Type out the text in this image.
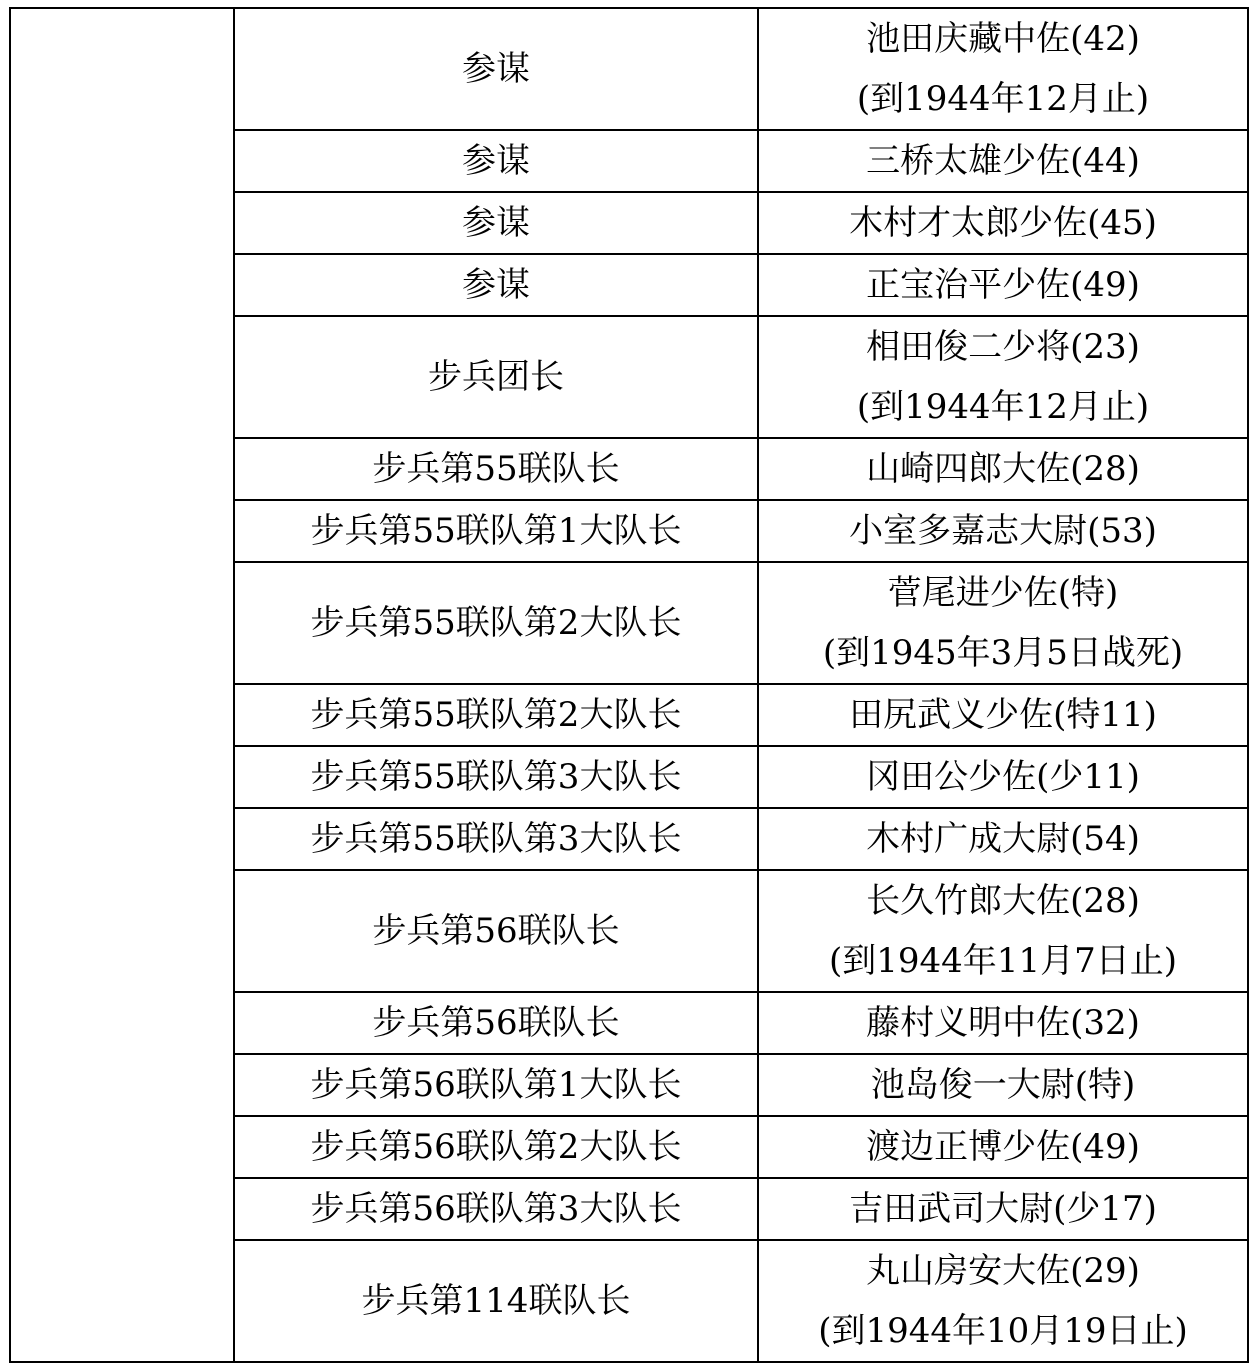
	参谋	池田庆藏中佐(42)
(到1944年12月止)

	参谋	三桥太雄少佐(44)

	参谋	木村才太郎少佐(45)

	参谋	正宝治平少佐(49)

	步兵团长	相田俊二少将(23)
(到1944年12月止)

	步兵第55联队长	山崎四郎大佐(28)

	步兵第55联队第1大队长	小室多嘉志大尉(53)

	步兵第55联队第2大队长	菅尾进少佐(特)
(到1945年3月5日战死)

	步兵第55联队第2大队长	田尻武义少佐(特11)

	步兵第55联队第3大队长	冈田公少佐(少11)

	步兵第55联队第3大队长	木村广成大尉(54)

	步兵第56联队长	长久竹郎大佐(28)
(到1944年11月7日止)

	步兵第56联队长	藤村义明中佐(32)

	步兵第56联队第1大队长	池岛俊一大尉(特)

	步兵第56联队第2大队长	渡边正博少佐(49)

	步兵第56联队第3大队长	吉田武司大尉(少17)

	步兵第114联队长	丸山房安大佐(29)
(到1944年10月19日止)
